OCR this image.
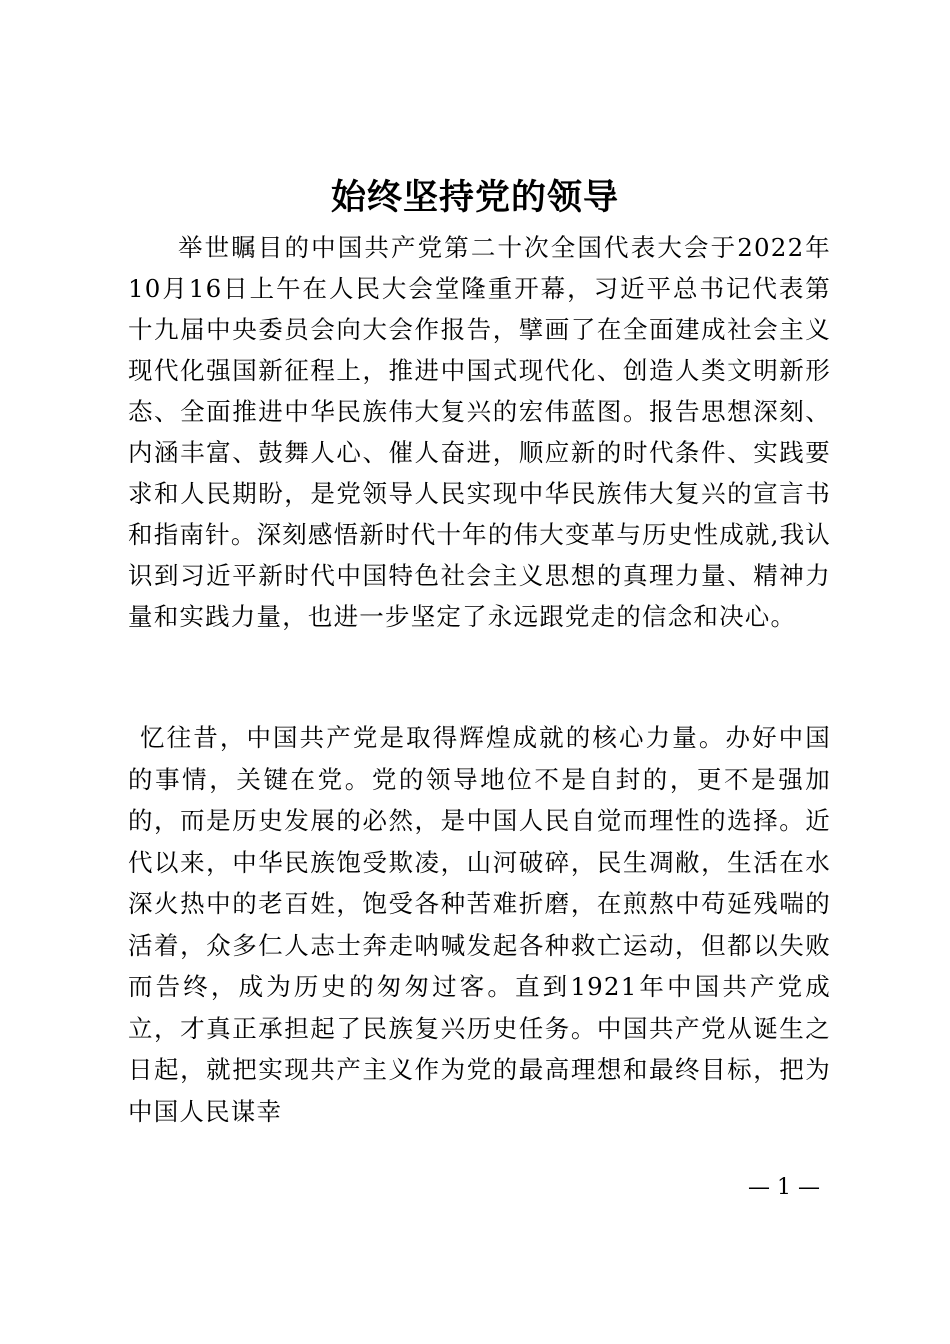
始终坚持党的领导

举世瞩目的中国共产党第二十次全国代表大会于2022年10月16日上午在人民大会堂隆重开幕，习近平总书记代表第十九届中央委员会向大会作报告，擘画了在全面建成社会主义现代化强国新征程上，推进中国式现代化、创造人类文明新形态、全面推进中华民族伟大复兴的宏伟蓝图。报告思想深刻、内涵丰富、鼓舞人心、催人奋进，顺应新的时代条件、实践要求和人民期盼，是党领导人民实现中华民族伟大复兴的宣言书和指南针。深刻感悟新时代十年的伟大变革与历史性成就,我认识到习近平新时代中国特色社会主义思想的真理力量、精神力量和实践力量，也进一步坚定了永远跟党走的信念和决心。

忆往昔，中国共产党是取得辉煌成就的核心力量。办好中国的事情，关键在党。党的领导地位不是自封的，更不是强加的，而是历史发展的必然，是中国人民自觉而理性的选择。近代以来，中华民族饱受欺凌，山河破碎，民生凋敝，生活在水深火热中的老百姓，饱受各种苦难折磨，在煎熬中苟延残喘的活着，众多仁人志士奔走呐喊发起各种救亡运动，但都以失败而告终，成为历史的匆匆过客。直到1921年中国共产党成立，才真正承担起了民族复兴历史任务。中国共产党从诞生之日起，就把实现共产主义作为党的最高理想和最终目标，把为中国人民谋幸

— 1 —
